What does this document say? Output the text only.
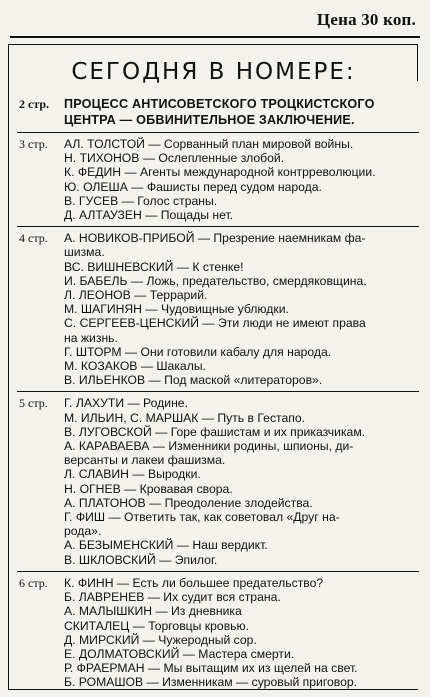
Цена 30 коп.
СЕГОДНЯ В НОМЕРЕ:
2 стр. ПРОЦЕСС АНТИСОВЕТСКОГО ТРОЦКИСТСКОГО
ЦЕНТРА — ОБВИНИТЕЛЬНОЕ ЗАКЛЮЧЕНИЕ.
3 стр. АЛ. ТОЛСТОЙ — Сорванный план мировой войны.
Н. ТИХОНОВ — Ослепленные злобой.
К. ФЕДИН — Агенты международной контрреволюции.
Ю. ОЛЕША — Фашисты перед судом народа.
В. ГУСЕВ — Голос страны.
Д. АЛТАУЗЕН — Пощады нет.
4 стр. А. НОВИКОВ-ПРИБОЙ — Презрение наемникам фа-
шизма.
ВС. ВИШНЕВСКИЙ — К стенке!
И. БАБЕЛЬ — Ложь, предательство, смердяковщина.
Л. ЛЕОНОВ — Террарий.
М. ШАГИНЯН — Чудовищные ублюдки.
С. СЕРГЕЕВ-ЦЕНСКИЙ — Эти люди не имеют права
на жизнь.
Г. ШТОРМ — Они готовили кабалу для народа.
М. КОЗАКОВ — Шакалы.
В. ИЛЬЕНКОВ — Под маской «литераторов».
5 стр. Г. ЛАХУТИ — Родине.
М. ИЛЬИН, С. МАРШАК — Путь в Гестапо.
В. ЛУГОВСКОЙ — Горе фашистам и их приказчикам.
А. КАРАВАЕВА — Изменники родины, шпионы, ди-
версанты и лакеи фашизма.
Л. СЛАВИН — Выродки.
Н. ОГНЕВ — Кровавая свора.
А. ПЛАТОНОВ — Преодоление злодейства.
Г. ФИШ — Ответить так, как советовал «Друг на-
рода».
А. БЕЗЫМЕНСКИЙ — Наш вердикт.
В. ШКЛОВСКИЙ — Эпилог.
6 стр. К. ФИНН — Есть ли большее предательство?
Б. ЛАВРЕНЕВ — Их судит вся страна.
А. МАЛЫШКИН — Из дневника
СКИТАЛЕЦ — Торговцы кровью.
Д. МИРСКИЙ — Чужеродный сор.
Е. ДОЛМАТОВСКИЙ — Мастера смерти.
Р. ФРАЕРМАН — Мы вытащим их из щелей на свет.
Б. РОМАШОВ — Изменникам — суровый приговор.
